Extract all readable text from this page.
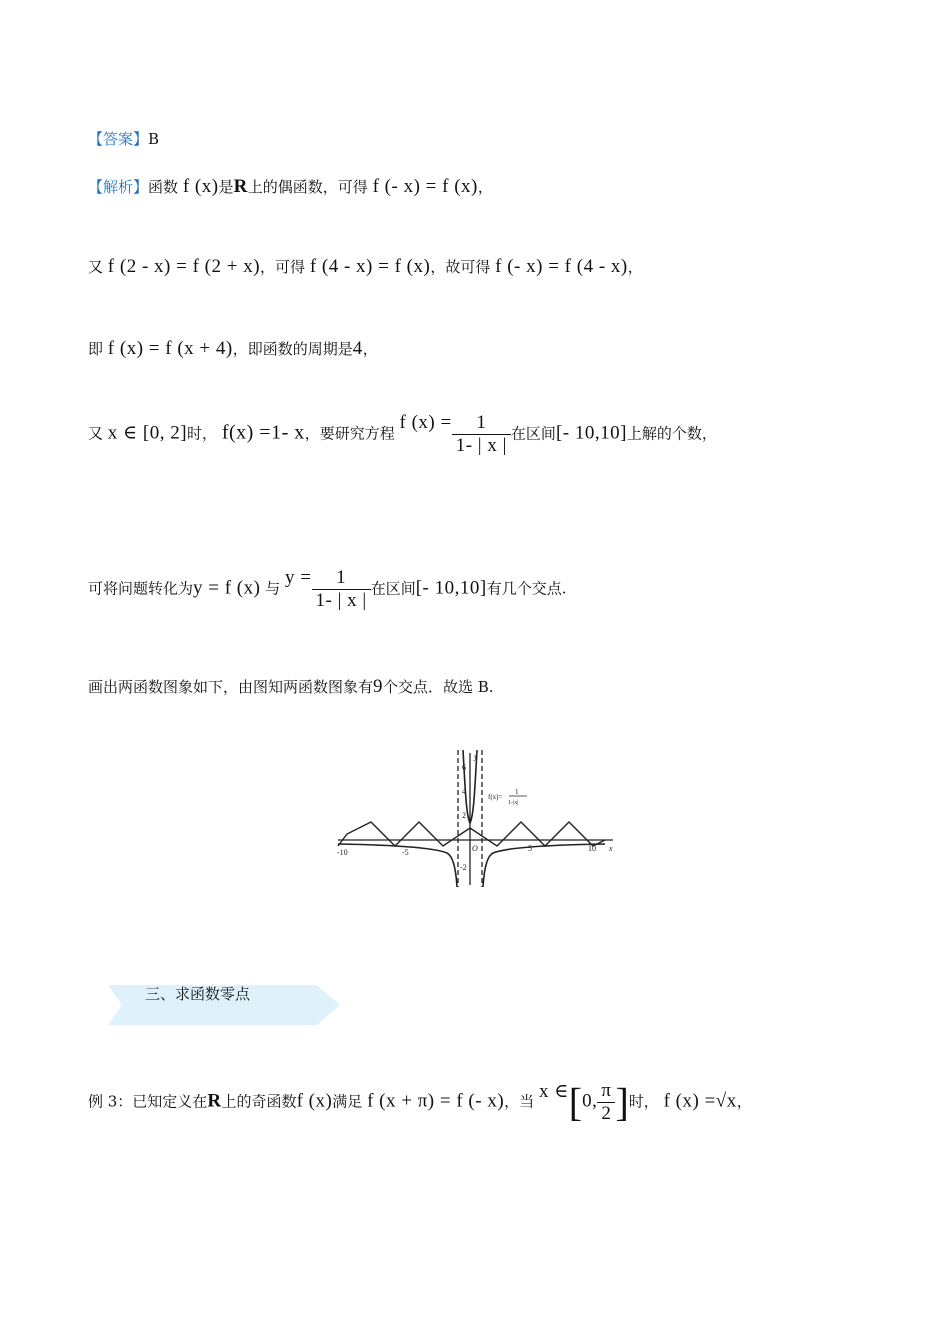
【答案】B
【解析】函数 f (x)是R上的偶函数，可得 f (- x) = f (x)，
又 f (2 - x) = f (2 + x)，可得 f (4 - x) = f (x)，故可得 f (- x) = f (4 - x)，
即 f (x) = f (x + 4)，即函数的周期是4，
又 x ∈ [0, 2]时， f(x) =1- x，要研究方程 f $(x) = \frac{1}{1- | x |}$ 在区间[- 10,10]上解的个数，
可将问题转化为y = f (x) 与 $y = \frac{1}{1- | x |}$ 在区间[- 10,10]有几个交点.
画出两函数图象如下，由图知两函数图象有9个交点．故选 B.
y
x
O
-10	-5	5	10
6
4
2
-2
f(x)=
1
1-|x|
三、求函数零点
例 3：已知定义在R上的奇函数f (x)满足 f (x + π) = f (- x)，当 x ∈[0, $\frac{\pi}{2}$ ]时， f (x) =√x，
